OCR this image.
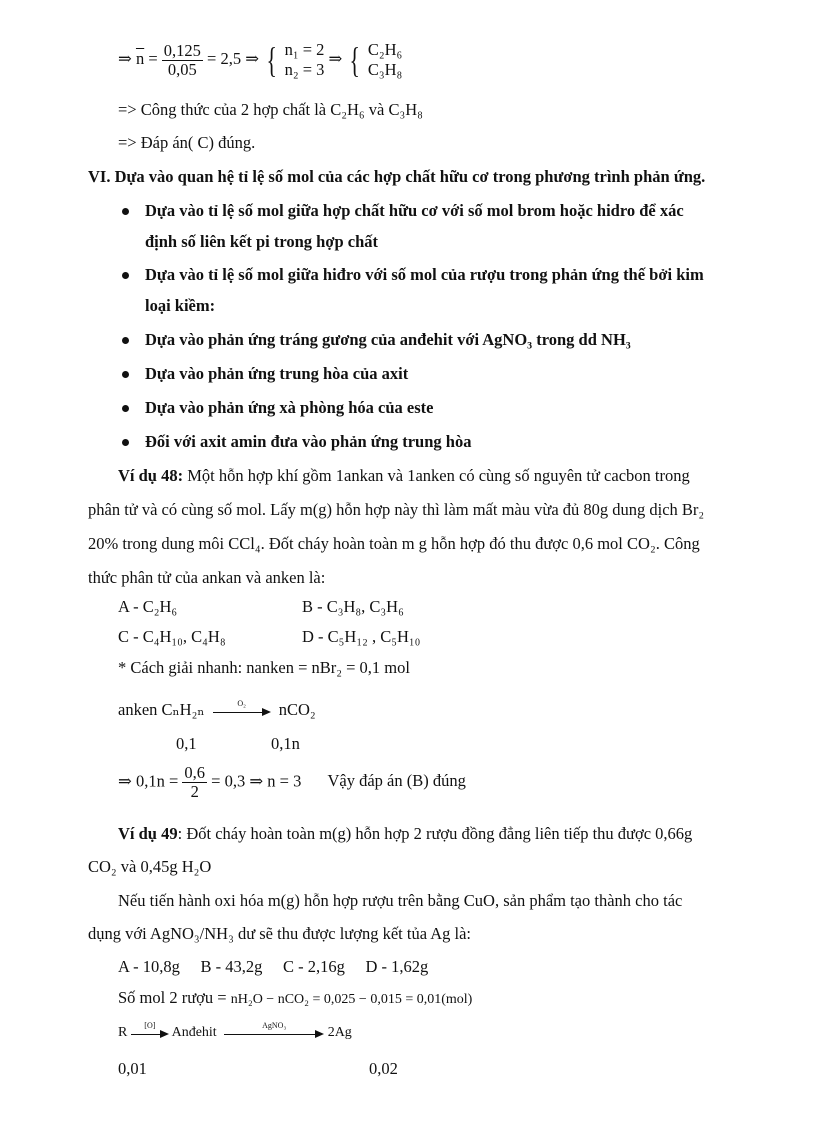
⇒ $\overline{n} = \frac{0,125}{0,05} = 2,5$ ⇒ { n₁ = 2
n₂ = 3
⇒ { C₂H₆
C₃H₈
=> Công thức của 2 hợp chất là C₂H₆ và C₃H₈
=> Đáp án( C) đúng.
VI. Dựa vào quan hệ tỉ lệ số mol của các hợp chất hữu cơ trong phương trình phản ứng.
Dựa vào tỉ lệ số mol giữa hợp chất hữu cơ với số mol brom hoặc hidro để xác
định số liên kết pi trong hợp chất
Dựa vào tỉ lệ số mol giữa hiđro với số mol của rượu trong phản ứng thế bởi kim
loại kiềm:
Dựa vào phản ứng tráng gương của anđehit với AgNO₃ trong dd NH₃
Dựa vào phản ứng trung hòa của axit
Dựa vào phản ứng xà phòng hóa của este
Đối với axit amin đưa vào phản ứng trung hòa
Ví dụ 48: Một hỗn hợp khí gồm 1ankan và 1anken có cùng số nguyên tử cacbon trong
phân tử và có cùng số mol. Lấy m(g) hỗn hợp này thì làm mất màu vừa đủ 80g dung dịch Br₂
20% trong dung môi CCl₄. Đốt cháy hoàn toàn m g hỗn hợp đó thu được 0,6 mol CO₂. Công
thức phân tử của ankan và anken là:
A - C₂H₆	B - C₃H₈, C₃H₆
C - C₄H₁₀, C₄H₈	D - C₅H₁₂ , C₅H₁₀
* Cách giải nhanh: nanken = nBr₂ = 0,1 mol
anken CₙH₂ₙ	O₂	nCO₂
0,1	0,1n
⇒ $0,1n = \frac{0,6}{2} = 0,3$ ⇒ n = 3 Vậy đáp án (B) đúng
Ví dụ 49: Đốt cháy hoàn toàn m(g) hỗn hợp 2 rượu đồng đẳng liên tiếp thu được 0,66g
CO₂ và 0,45g H₂O
Nếu tiến hành oxi hóa m(g) hỗn hợp rượu trên bằng CuO, sản phẩm tạo thành cho tác
dụng với AgNO₃/NH₃ dư sẽ thu được lượng kết tủa Ag là:
A - 10,8g     B - 43,2g     C - 2,16g     D - 1,62g
Số mol 2 rượu = nH₂O − nCO₂ = 0,025 − 0,015 = 0,01(mol)
R	[O]	Anđehit	AgNO₃	2Ag
0,01	0,02
